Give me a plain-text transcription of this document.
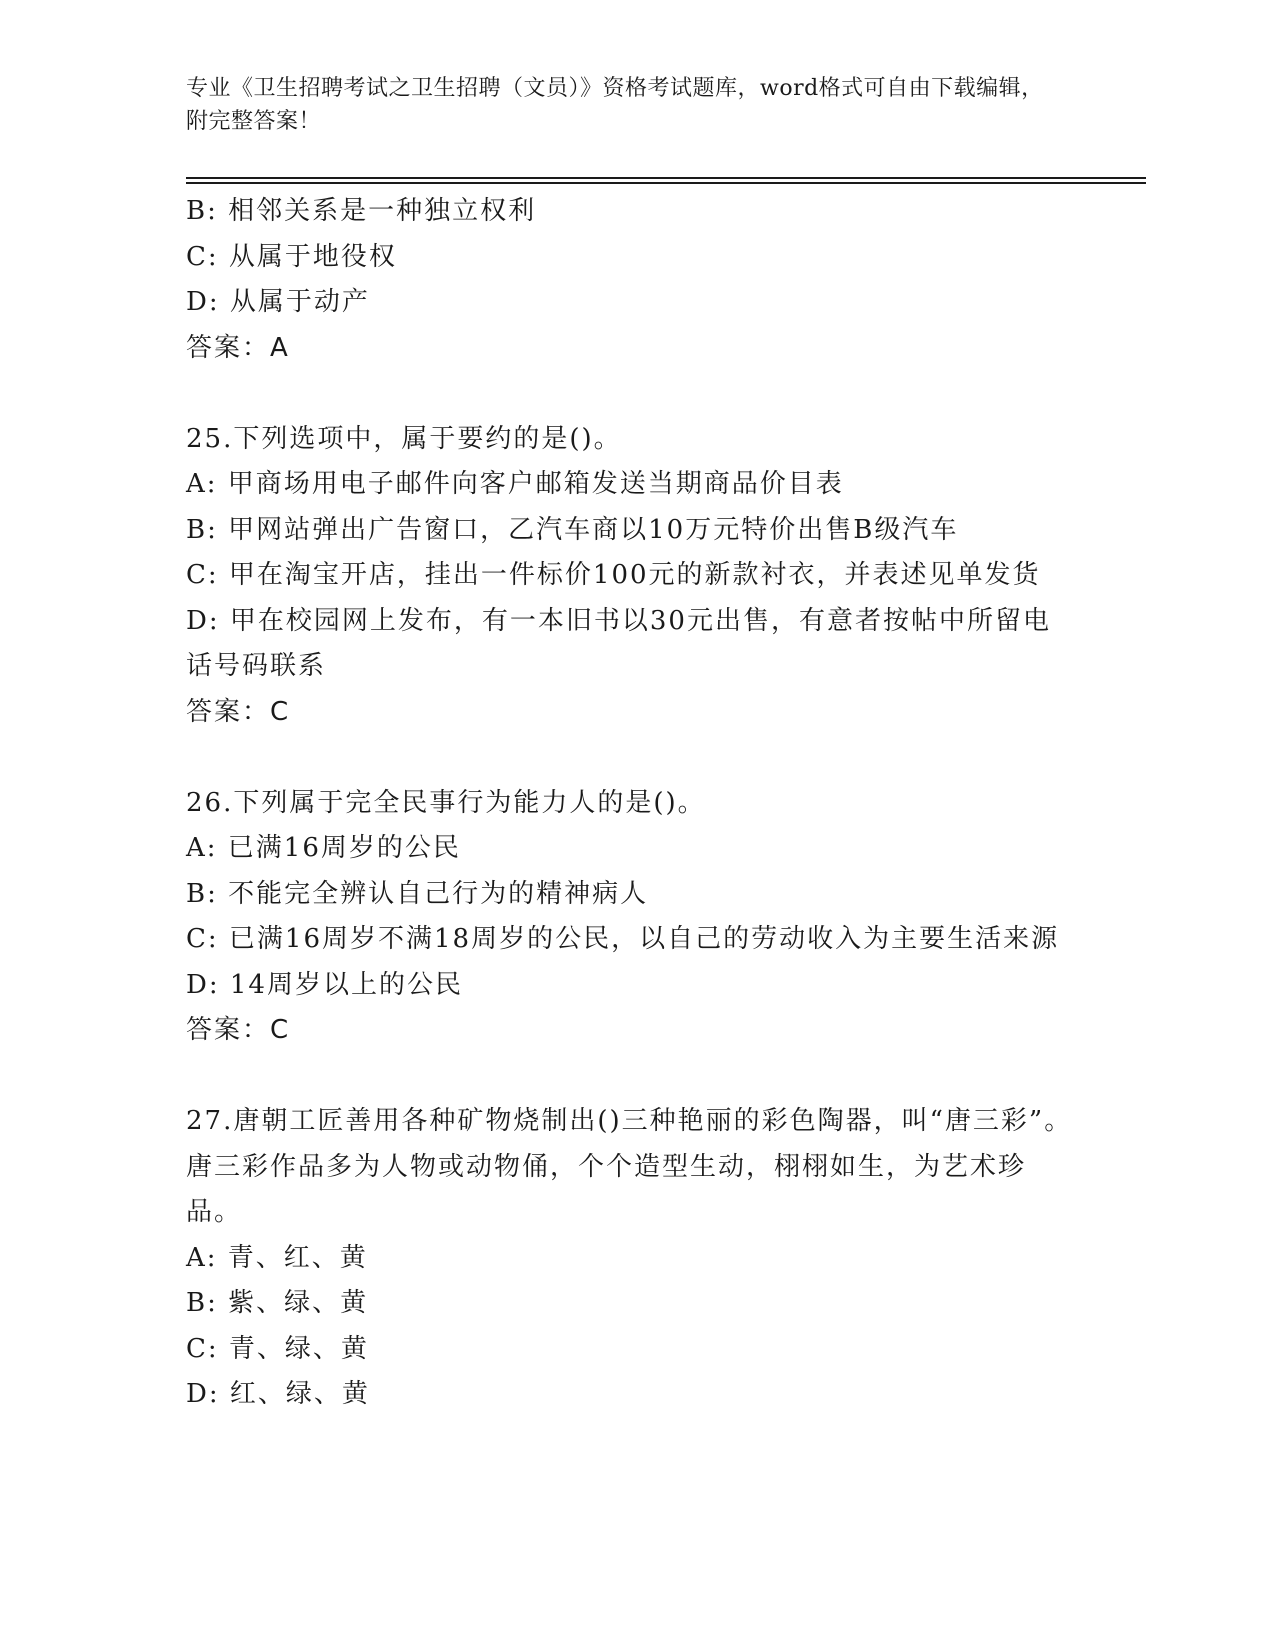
专业《卫生招聘考试之卫生招聘（文员）》资格考试题库，word格式可自由下载编辑，附完整答案！

B: 相邻关系是一种独立权利

C: 从属于地役权

D: 从属于动产

答案：A

25.下列选项中，属于要约的是()。

A: 甲商场用电子邮件向客户邮箱发送当期商品价目表

B: 甲网站弹出广告窗口，乙汽车商以10万元特价出售B级汽车

C: 甲在淘宝开店，挂出一件标价100元的新款衬衣，并表述见单发货

D: 甲在校园网上发布，有一本旧书以30元出售，有意者按帖中所留电话号码联系

答案：C

26.下列属于完全民事行为能力人的是()。

A: 已满16周岁的公民

B: 不能完全辨认自己行为的精神病人

C: 已满16周岁不满18周岁的公民，以自己的劳动收入为主要生活来源

D: 14周岁以上的公民

答案：C

27.唐朝工匠善用各种矿物烧制出()三种艳丽的彩色陶器，叫“唐三彩”。唐三彩作品多为人物或动物俑，个个造型生动，栩栩如生，为艺术珍品。

A: 青、红、黄

B: 紫、绿、黄

C: 青、绿、黄

D: 红、绿、黄
